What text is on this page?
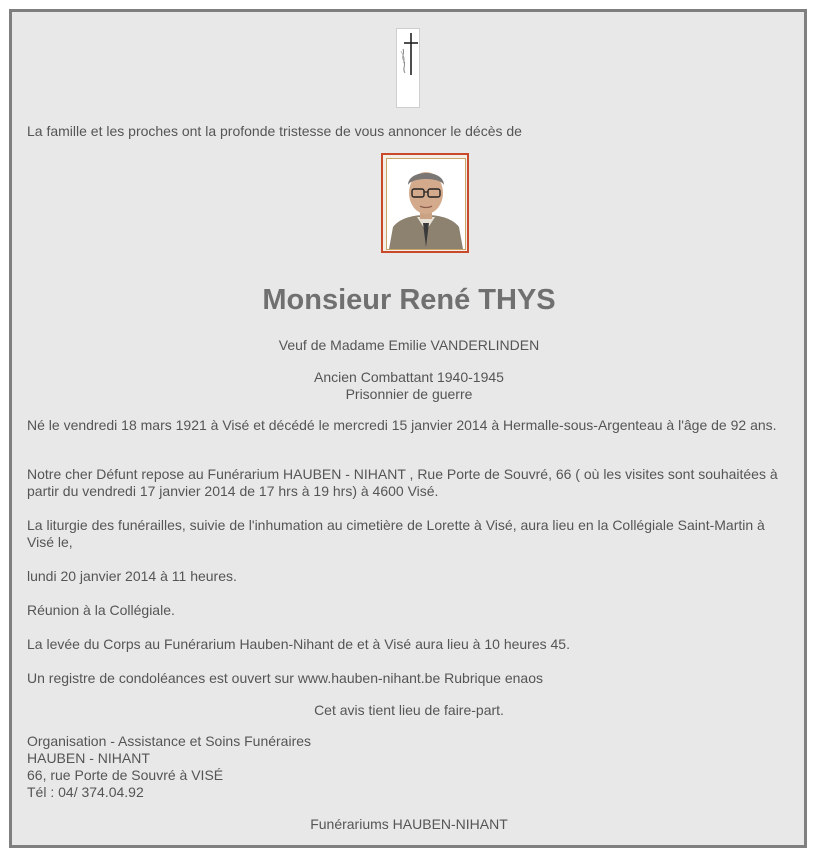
La famille et les proches ont la profonde tristesse de vous annoncer le décès de
Monsieur René THYS
Veuf de Madame Emilie VANDERLINDEN
Ancien Combattant 1940-1945
Prisonnier de guerre
Né le vendredi 18 mars 1921 à Visé et décédé le mercredi 15 janvier 2014 à Hermalle-sous-Argenteau à l'âge de 92 ans.
Notre cher Défunt repose au Funérarium HAUBEN - NIHANT , Rue Porte de Souvré, 66 ( où les visites sont souhaitées à partir du vendredi 17 janvier 2014 de 17 hrs à 19 hrs) à 4600 Visé.
La liturgie des funérailles, suivie de l'inhumation au cimetière de Lorette à Visé, aura lieu en la Collégiale Saint-Martin à Visé le,
lundi 20 janvier 2014 à 11 heures.
Réunion à la Collégiale.
La levée du Corps au Funérarium Hauben-Nihant de et à Visé aura lieu à 10 heures 45.
Un registre de condoléances est ouvert sur www.hauben-nihant.be Rubrique enaos
Cet avis tient lieu de faire-part.
Organisation - Assistance et Soins Funéraires
HAUBEN - NIHANT
66, rue Porte de Souvré à VISÉ
Tél : 04/ 374.04.92
Funérariums HAUBEN-NIHANT
